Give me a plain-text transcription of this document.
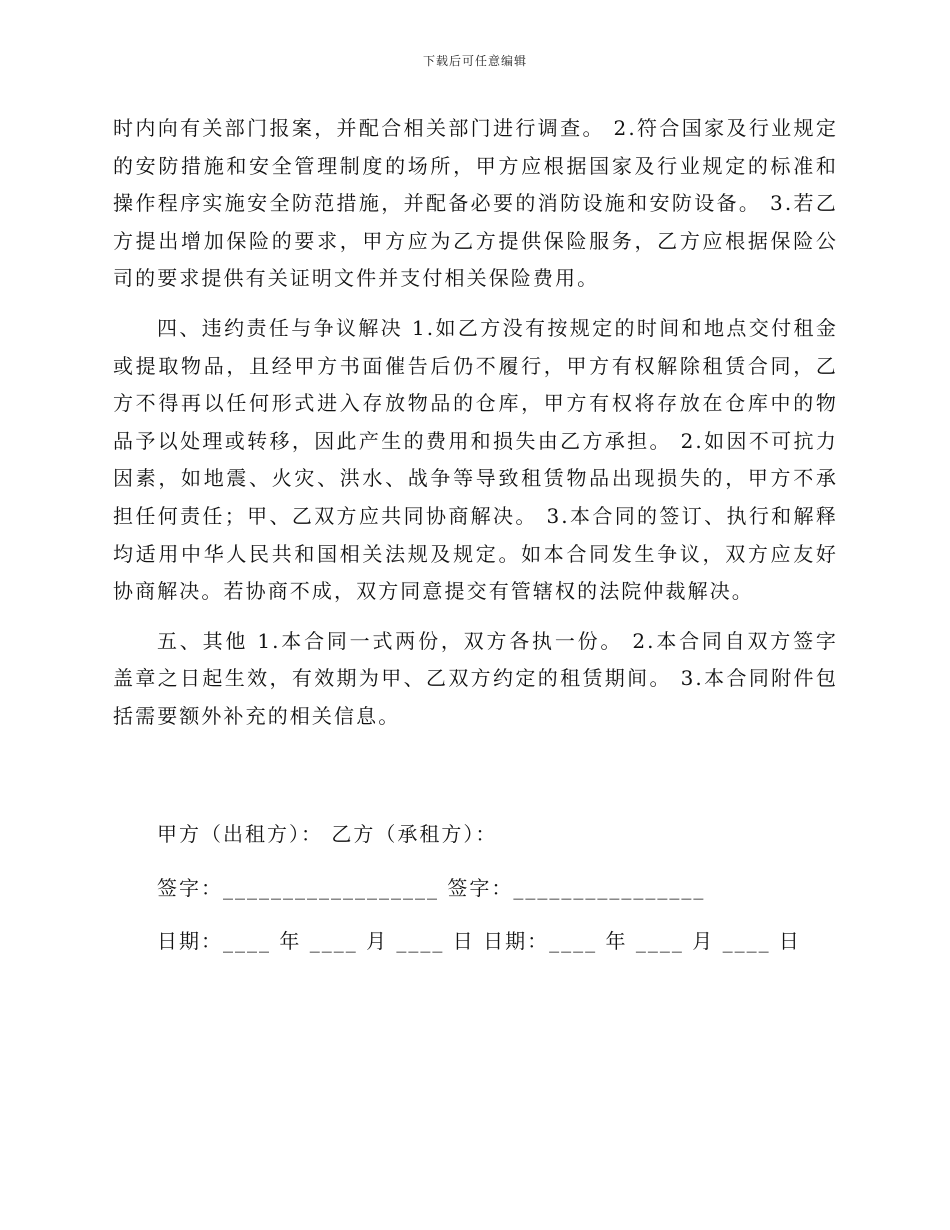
下载后可任意编辑

时内向有关部门报案，并配合相关部门进行调查。 2.符合国家及行业规定的安防措施和安全管理制度的场所，甲方应根据国家及行业规定的标准和操作程序实施安全防范措施，并配备必要的消防设施和安防设备。 3.若乙方提出增加保险的要求，甲方应为乙方提供保险服务，乙方应根据保险公司的要求提供有关证明文件并支付相关保险费用。

四、违约责任与争议解决 1.如乙方没有按规定的时间和地点交付租金或提取物品，且经甲方书面催告后仍不履行，甲方有权解除租赁合同，乙方不得再以任何形式进入存放物品的仓库，甲方有权将存放在仓库中的物品予以处理或转移，因此产生的费用和损失由乙方承担。 2.如因不可抗力因素，如地震、火灾、洪水、战争等导致租赁物品出现损失的，甲方不承担任何责任；甲、乙双方应共同协商解决。 3.本合同的签订、执行和解释均适用中华人民共和国相关法规及规定。如本合同发生争议，双方应友好协商解决。若协商不成，双方同意提交有管辖权的法院仲裁解决。

五、其他 1.本合同一式两份，双方各执一份。 2.本合同自双方签字盖章之日起生效，有效期为甲、乙双方约定的租赁期间。 3.本合同附件包括需要额外补充的相关信息。

甲方（出租方）： 乙方（承租方）：
签字：__________________ 签字：________________
日期：____ 年 ____ 月 ____ 日 日期：____ 年 ____ 月 ____ 日
